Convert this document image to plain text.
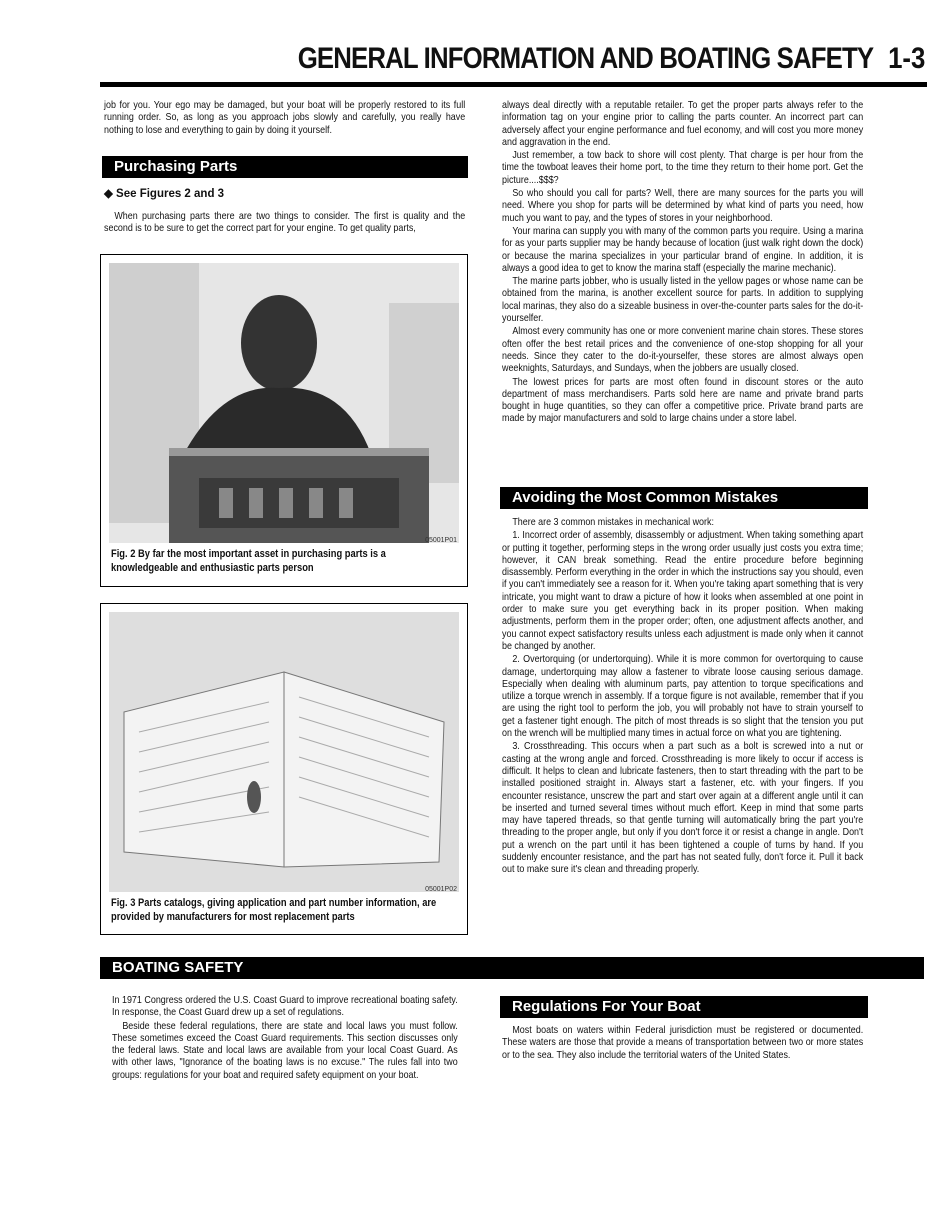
GENERAL INFORMATION AND BOATING SAFETY 1-3

job for you. Your ego may be damaged, but your boat will be properly restored to its full running order. So, as long as you approach jobs slowly and carefully, you really have nothing to lose and everything to gain by doing it yourself.

Purchasing Parts
◆ See Figures 2 and 3

When purchasing parts there are two things to consider. The first is quality and the second is to be sure to get the correct part for your engine. To get quality parts,

05001P01
Fig. 2 By far the most important asset in purchasing parts is a knowledgeable and enthusiastic parts person
05001P02
Fig. 3 Parts catalogs, giving application and part number information, are provided by manufacturers for most replacement parts

always deal directly with a reputable retailer. To get the proper parts always refer to the information tag on your engine prior to calling the parts counter. An incorrect part can adversely affect your engine performance and fuel economy, and will cost you more money and aggravation in the end.

Just remember, a tow back to shore will cost plenty. That charge is per hour from the time the towboat leaves their home port, to the time they return to their home port. Get the picture....$$$?

So who should you call for parts? Well, there are many sources for the parts you will need. Where you shop for parts will be determined by what kind of parts you need, how much you want to pay, and the types of stores in your neighborhood.

Your marina can supply you with many of the common parts you require. Using a marina for as your parts supplier may be handy because of location (just walk right down the dock) or because the marina specializes in your particular brand of engine. In addition, it is always a good idea to get to know the marina staff (especially the marine mechanic).

The marine parts jobber, who is usually listed in the yellow pages or whose name can be obtained from the marina, is another excellent source for parts. In addition to supplying local marinas, they also do a sizeable business in over-the-counter parts sales for the do-it-yourselfer.

Almost every community has one or more convenient marine chain stores. These stores often offer the best retail prices and the convenience of one-stop shopping for all your needs. Since they cater to the do-it-yourselfer, these stores are almost always open weeknights, Saturdays, and Sundays, when the jobbers are usually closed.

The lowest prices for parts are most often found in discount stores or the auto department of mass merchandisers. Parts sold here are name and private brand parts bought in huge quantities, so they can offer a competitive price. Private brand parts are made by major manufacturers and sold to large chains under a store label.

Avoiding the Most Common Mistakes

There are 3 common mistakes in mechanical work:

1. Incorrect order of assembly, disassembly or adjustment. When taking something apart or putting it together, performing steps in the wrong order usually just costs you extra time; however, it CAN break something. Read the entire procedure before beginning disassembly. Perform everything in the order in which the instructions say you should, even if you can't immediately see a reason for it. When you're taking apart something that is very intricate, you might want to draw a picture of how it looks when assembled at one point in order to make sure you get everything back in its proper position. When making adjustments, perform them in the proper order; often, one adjustment affects another, and you cannot expect satisfactory results unless each adjustment is made only when it cannot be changed by another.

2. Overtorquing (or undertorquing). While it is more common for overtorquing to cause damage, undertorquing may allow a fastener to vibrate loose causing serious damage. Especially when dealing with aluminum parts, pay attention to torque specifications and utilize a torque wrench in assembly. If a torque figure is not available, remember that if you are using the right tool to perform the job, you will probably not have to strain yourself to get a fastener tight enough. The pitch of most threads is so slight that the tension you put on the wrench will be multiplied many times in actual force on what you are tightening.

3. Crossthreading. This occurs when a part such as a bolt is screwed into a nut or casting at the wrong angle and forced. Crossthreading is more likely to occur if access is difficult. It helps to clean and lubricate fasteners, then to start threading with the part to be installed positioned straight in. Always start a fastener, etc. with your fingers. If you encounter resistance, unscrew the part and start over again at a different angle until it can be inserted and turned several times without much effort. Keep in mind that some parts may have tapered threads, so that gentle turning will automatically bring the part you're threading to the proper angle, but only if you don't force it or resist a change in angle. Don't put a wrench on the part until it has been tightened a couple of turns by hand. If you suddenly encounter resistance, and the part has not seated fully, don't force it. Pull it back out to make sure it's clean and threading properly.

BOATING SAFETY

In 1971 Congress ordered the U.S. Coast Guard to improve recreational boating safety. In response, the Coast Guard drew up a set of regulations.

Beside these federal regulations, there are state and local laws you must follow. These sometimes exceed the Coast Guard requirements. This section discusses only the federal laws. State and local laws are available from your local Coast Guard. As with other laws, "Ignorance of the boating laws is no excuse." The rules fall into two groups: regulations for your boat and required safety equipment on your boat.

Regulations For Your Boat

Most boats on waters within Federal jurisdiction must be registered or documented. These waters are those that provide a means of transportation between two or more states or to the sea. They also include the territorial waters of the United States.
